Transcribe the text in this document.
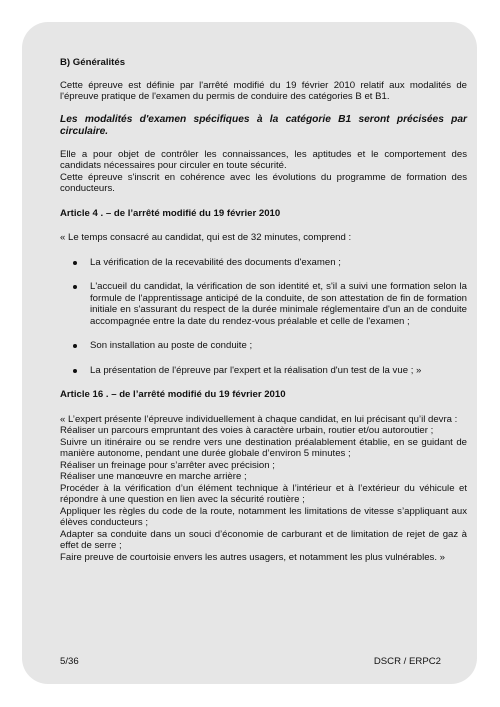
B) Généralités

Cette épreuve est définie par l'arrêté modifié du 19 février 2010 relatif aux modalités de l'épreuve pratique de l'examen du permis de conduire des catégories B et B1.

Les modalités d'examen spécifiques à la catégorie B1 seront précisées par circulaire.

Elle a pour objet de contrôler les connaissances, les aptitudes et le comportement des candidats nécessaires pour circuler en toute sécurité.

Cette épreuve s'inscrit en cohérence avec les évolutions du programme de formation des conducteurs.

Article 4 . – de l’arrêté modifié du 19 février 2010

« Le temps consacré au candidat, qui est de 32 minutes, comprend :

La vérification de la recevabilité des documents d'examen ;
L'accueil du candidat, la vérification de son identité et, s'il a suivi une formation selon la formule de l'apprentissage anticipé de la conduite, de son attestation de fin de formation initiale en s'assurant du respect de la durée minimale réglementaire d'un an de conduite accompagnée entre la date du rendez-vous préalable et celle de l'examen ;
Son installation au poste de conduite ;
La présentation de l'épreuve par l'expert et la réalisation d'un test de la vue ; »

Article 16 . – de l’arrêté modifié du 19 février 2010

« L’expert présente l’épreuve individuellement à chaque candidat, en lui précisant qu’il devra :
Réaliser un parcours empruntant des voies à caractère urbain, routier et/ou autoroutier ;
Suivre un itinéraire ou se rendre vers une destination préalablement établie, en se guidant de manière autonome, pendant une durée globale d’environ 5 minutes ;
Réaliser un freinage pour s’arrêter avec précision ;
Réaliser une manœuvre en marche arrière ;
Procéder à la vérification d’un élément technique à l’intérieur et à l’extérieur du véhicule et répondre à une question en lien avec la sécurité routière ;
Appliquer les règles du code de la route, notamment les limitations de vitesse s’appliquant aux élèves conducteurs ;
Adapter sa conduite dans un souci d’économie de carburant et de limitation de rejet de gaz à effet de serre ;
Faire preuve de courtoisie envers les autres usagers, et notamment les plus vulnérables. »
5/36	DSCR / ERPC2
